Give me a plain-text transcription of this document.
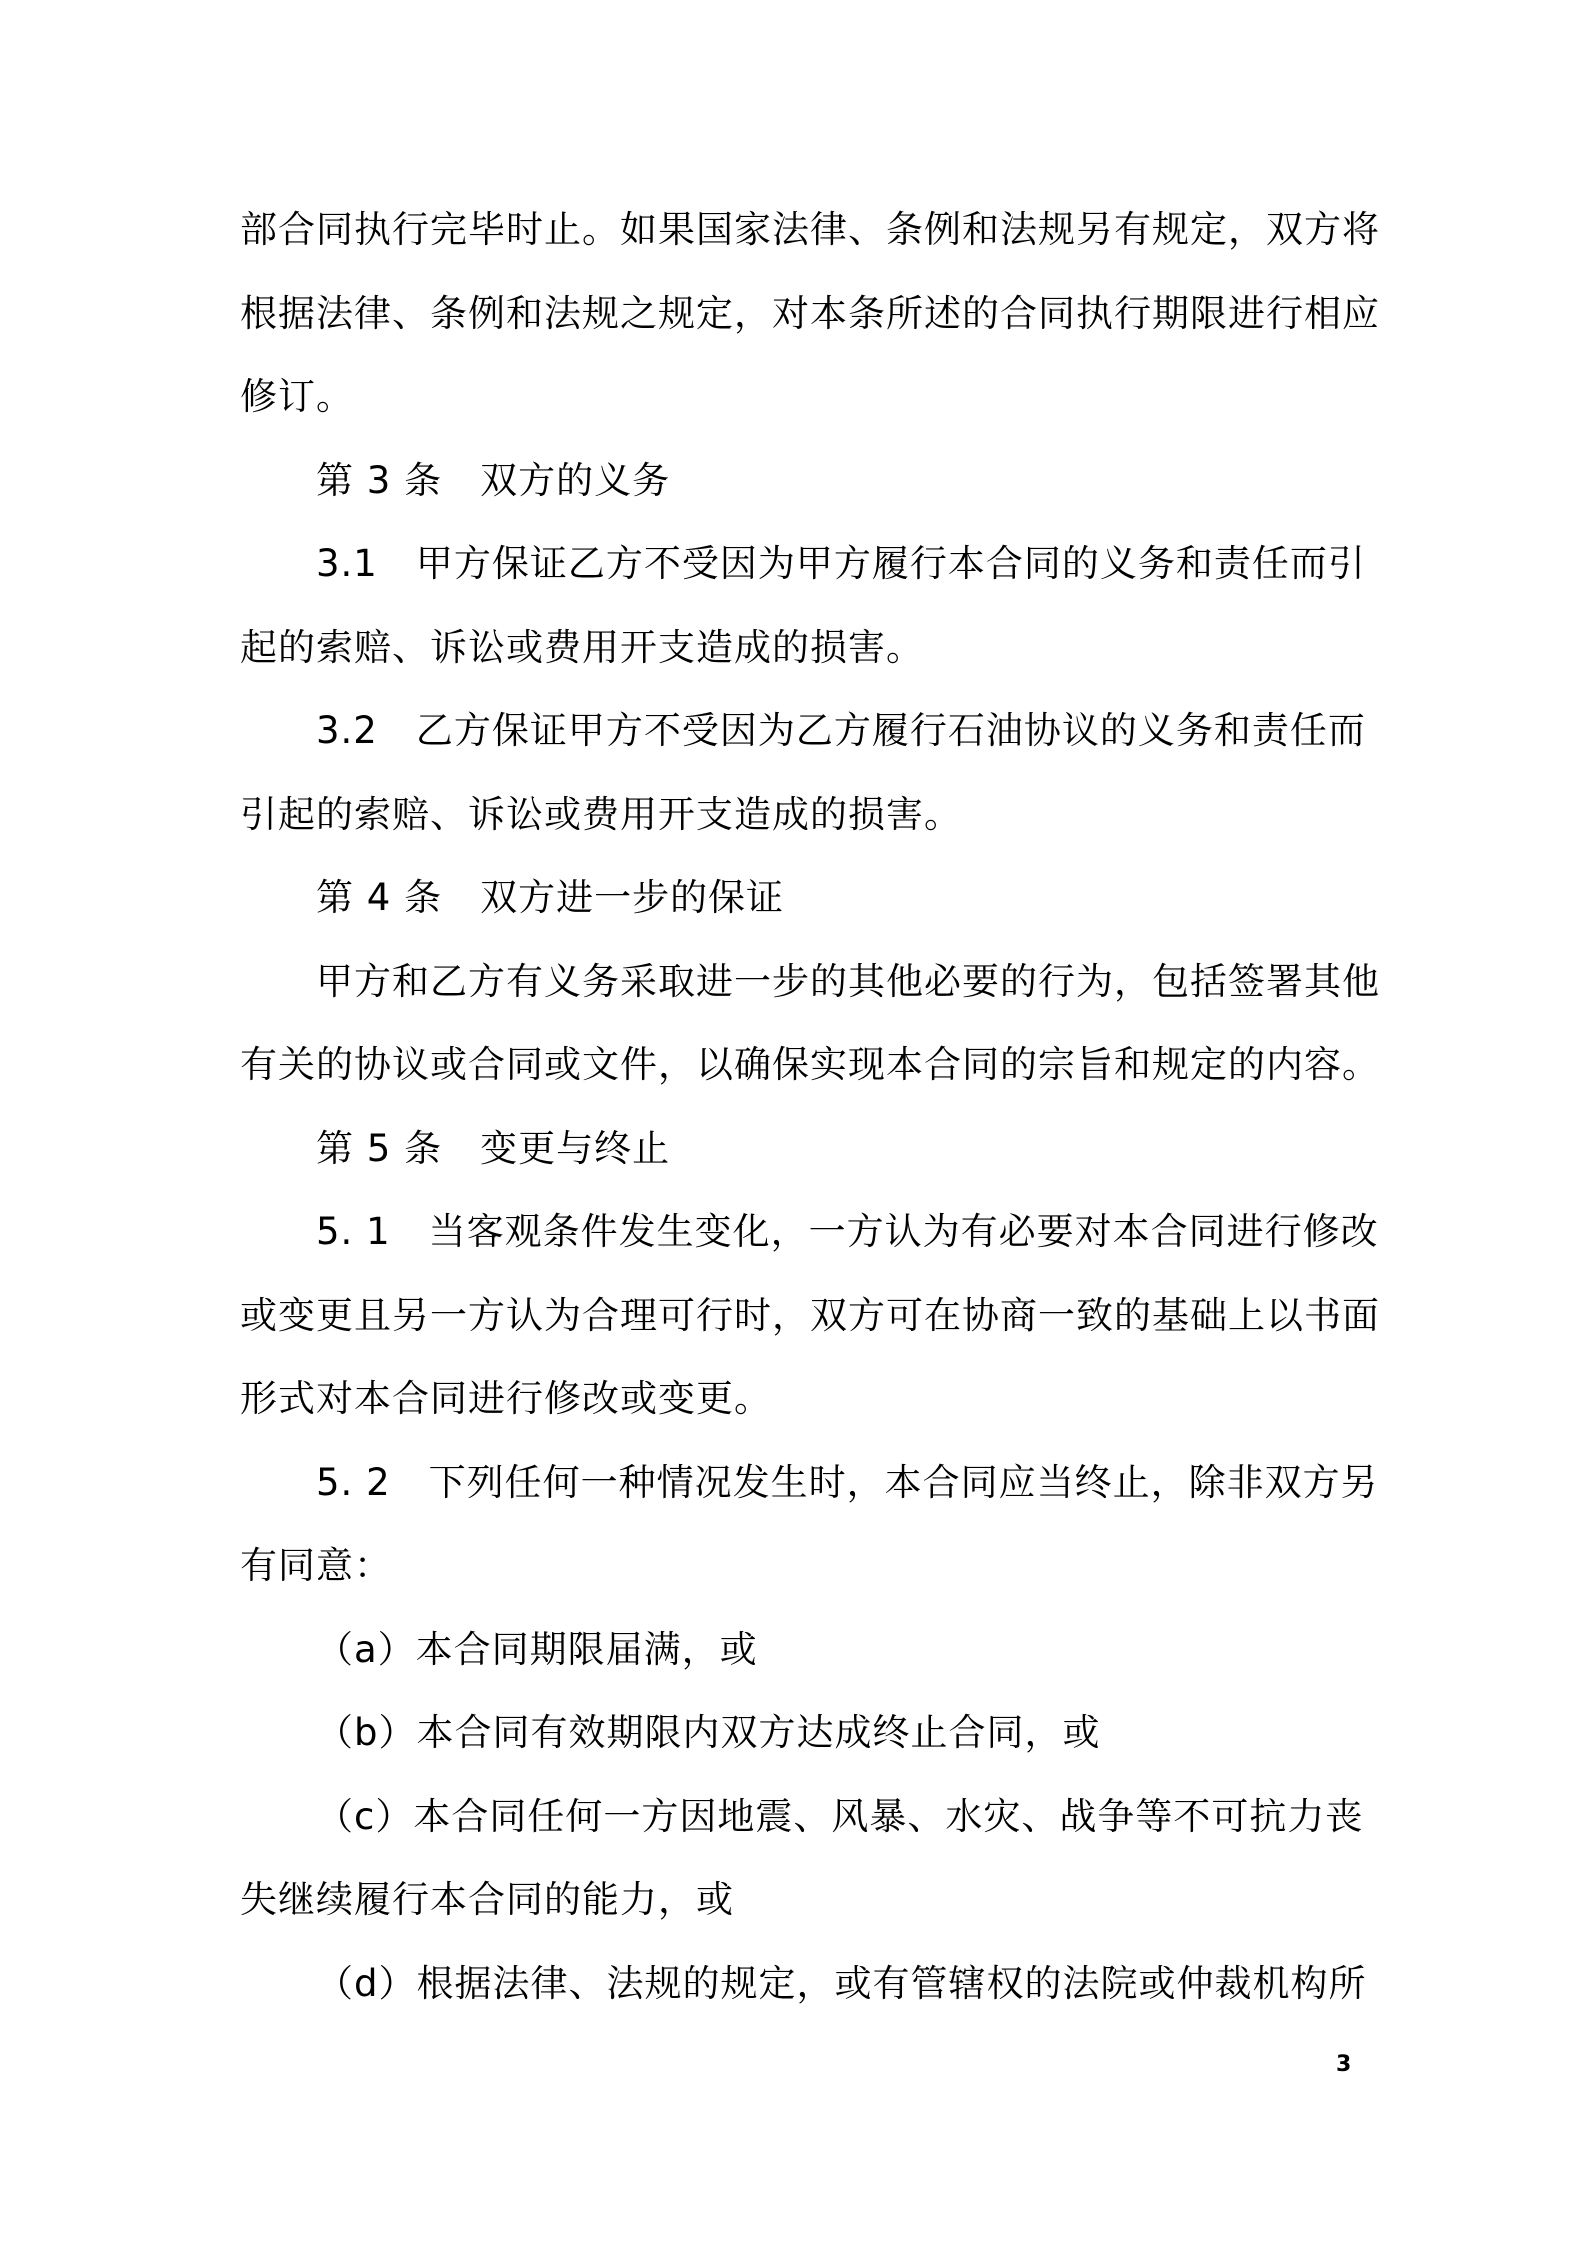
部合同执行完毕时止。如果国家法律、条例和法规另有规定，双方将
根据法律、条例和法规之规定，对本条所述的合同执行期限进行相应
修订。
第 3 条　双方的义务
3.1　甲方保证乙方不受因为甲方履行本合同的义务和责任而引
起的索赔、诉讼或费用开支造成的损害。
3.2　乙方保证甲方不受因为乙方履行石油协议的义务和责任而
引起的索赔、诉讼或费用开支造成的损害。
第 4 条　双方进一步的保证
甲方和乙方有义务采取进一步的其他必要的行为，包括签署其他
有关的协议或合同或文件，以确保实现本合同的宗旨和规定的内容。
第 5 条　变更与终止
5. 1　当客观条件发生变化，一方认为有必要对本合同进行修改
或变更且另一方认为合理可行时，双方可在协商一致的基础上以书面
形式对本合同进行修改或变更。
5. 2　下列任何一种情况发生时，本合同应当终止，除非双方另
有同意：
（a）本合同期限届满，或
（b）本合同有效期限内双方达成终止合同，或
（c）本合同任何一方因地震、风暴、水灾、战争等不可抗力丧
失继续履行本合同的能力，或
（d）根据法律、法规的规定，或有管辖权的法院或仲裁机构所
3
